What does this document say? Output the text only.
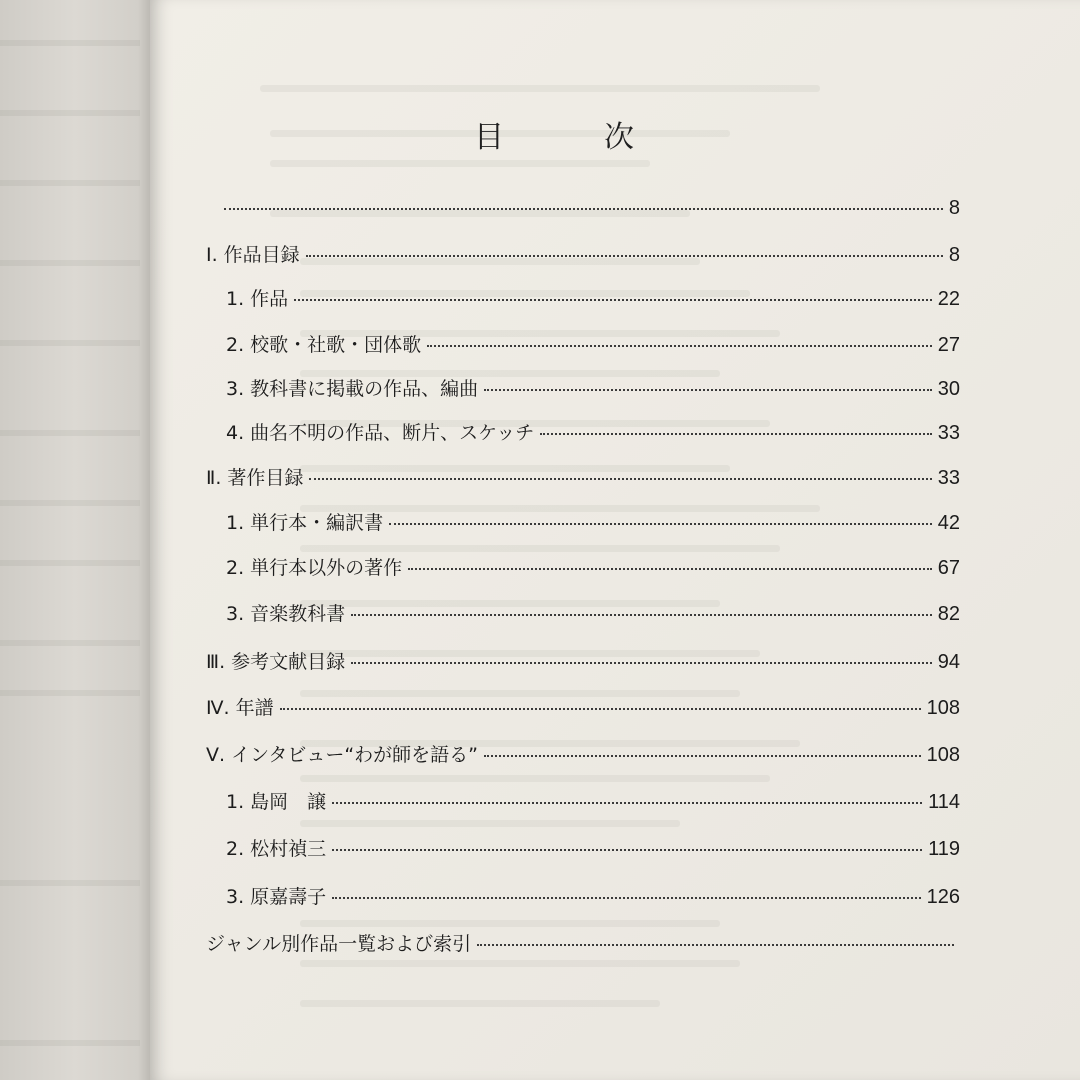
目	次
8
Ⅰ. 作品目録	8
1. 作品	22
2. 校歌・社歌・団体歌	27
3. 教科書に掲載の作品、編曲	30
4. 曲名不明の作品、断片、スケッチ	33
Ⅱ. 著作目録	33
1. 単行本・編訳書	42
2. 単行本以外の著作	67
3. 音楽教科書	82
Ⅲ. 参考文献目録	94
Ⅳ. 年譜	108
Ⅴ. インタビュー“わが師を語る”	108
1. 島岡　譲	114
2. 松村禎三	119
3. 原嘉壽子	126
ジャンル別作品一覧および索引
